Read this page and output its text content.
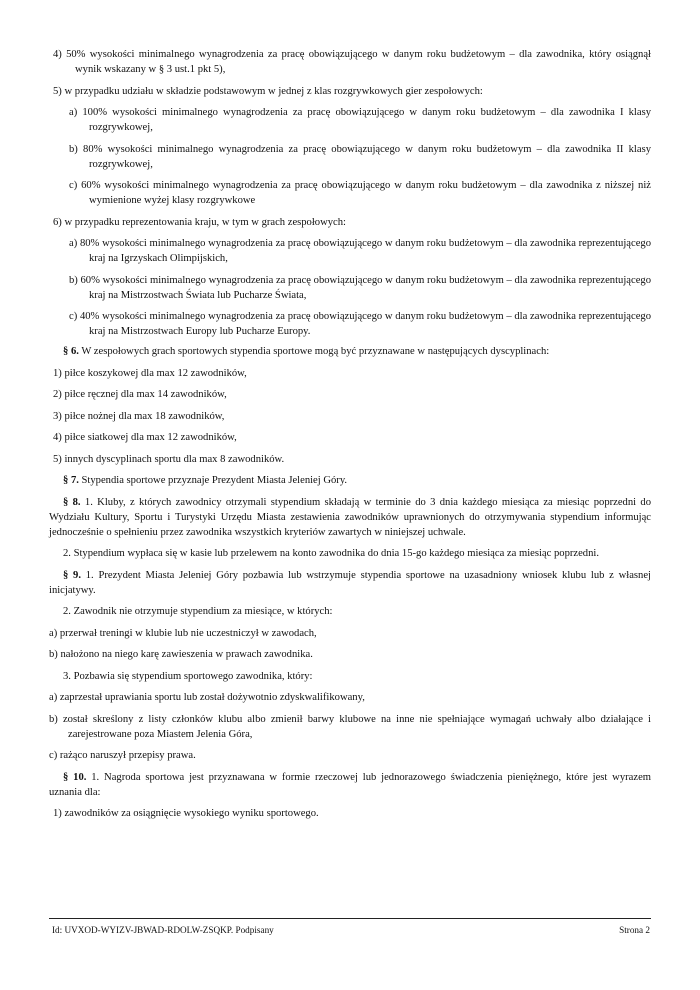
4) 50% wysokości minimalnego wynagrodzenia za pracę obowiązującego w danym roku budżetowym – dla zawodnika, który osiągnął wynik wskazany w § 3 ust.1 pkt 5),

5) w przypadku udziału w składzie podstawowym w jednej z klas rozgrywkowych gier zespołowych:

a) 100% wysokości minimalnego wynagrodzenia za pracę obowiązującego w danym roku budżetowym – dla zawodnika I klasy rozgrywkowej,

b) 80% wysokości minimalnego wynagrodzenia za pracę obowiązującego w danym roku budżetowym – dla zawodnika II klasy rozgrywkowej,

c) 60% wysokości minimalnego wynagrodzenia za pracę obowiązującego w danym roku budżetowym – dla zawodnika z niższej niż wymienione wyżej klasy rozgrywkowe

6) w przypadku reprezentowania kraju, w tym w grach zespołowych:

a) 80% wysokości minimalnego wynagrodzenia za pracę obowiązującego w danym roku budżetowym – dla zawodnika reprezentującego kraj na Igrzyskach Olimpijskich,

b) 60% wysokości minimalnego wynagrodzenia za pracę obowiązującego w danym roku budżetowym – dla zawodnika reprezentującego kraj na Mistrzostwach Świata lub Pucharze Świata,

c) 40% wysokości minimalnego wynagrodzenia za pracę obowiązującego w danym roku budżetowym – dla zawodnika reprezentującego kraj na Mistrzostwach Europy lub Pucharze Europy.

§ 6. W zespołowych grach sportowych stypendia sportowe mogą być przyznawane w następujących dyscyplinach:

1) piłce koszykowej dla max 12 zawodników,

2) piłce ręcznej dla max 14 zawodników,

3) piłce nożnej dla max 18 zawodników,

4) piłce siatkowej dla max 12 zawodników,

5) innych dyscyplinach sportu dla max 8 zawodników.

§ 7. Stypendia sportowe przyznaje Prezydent Miasta Jeleniej Góry.

§ 8. 1. Kluby, z których zawodnicy otrzymali stypendium składają w terminie do 3 dnia każdego miesiąca za miesiąc poprzedni do Wydziału Kultury, Sportu i Turystyki Urzędu Miasta zestawienia zawodników uprawnionych do otrzymywania stypendium informując jednocześnie o spełnieniu przez zawodnika wszystkich kryteriów zawartych w niniejszej uchwale.

2. Stypendium wypłaca się w kasie lub przelewem na konto zawodnika do dnia 15-go każdego miesiąca za miesiąc poprzedni.

§ 9. 1. Prezydent Miasta Jeleniej Góry pozbawia lub wstrzymuje stypendia sportowe na uzasadniony wniosek klubu lub z własnej inicjatywy.

2. Zawodnik nie otrzymuje stypendium za miesiące, w których:

a) przerwał treningi w klubie lub nie uczestniczył w zawodach,

b) nałożono na niego karę zawieszenia w prawach zawodnika.

3. Pozbawia się stypendium sportowego zawodnika, który:

a) zaprzestał uprawiania sportu lub został dożywotnio zdyskwalifikowany,

b) został skreślony z listy członków klubu albo zmienił barwy klubowe na inne nie spełniające wymagań uchwały albo działające i zarejestrowane poza Miastem Jelenia Góra,

c) rażąco naruszył przepisy prawa.

§ 10. 1. Nagroda sportowa jest przyznawana w formie rzeczowej lub jednorazowego świadczenia pieniężnego, które jest wyrazem uznania dla:

1) zawodników za osiągnięcie wysokiego wyniku sportowego.

Id: UVXOD-WYIZV-JBWAD-RDOLW-ZSQKP. Podpisany	Strona 2
